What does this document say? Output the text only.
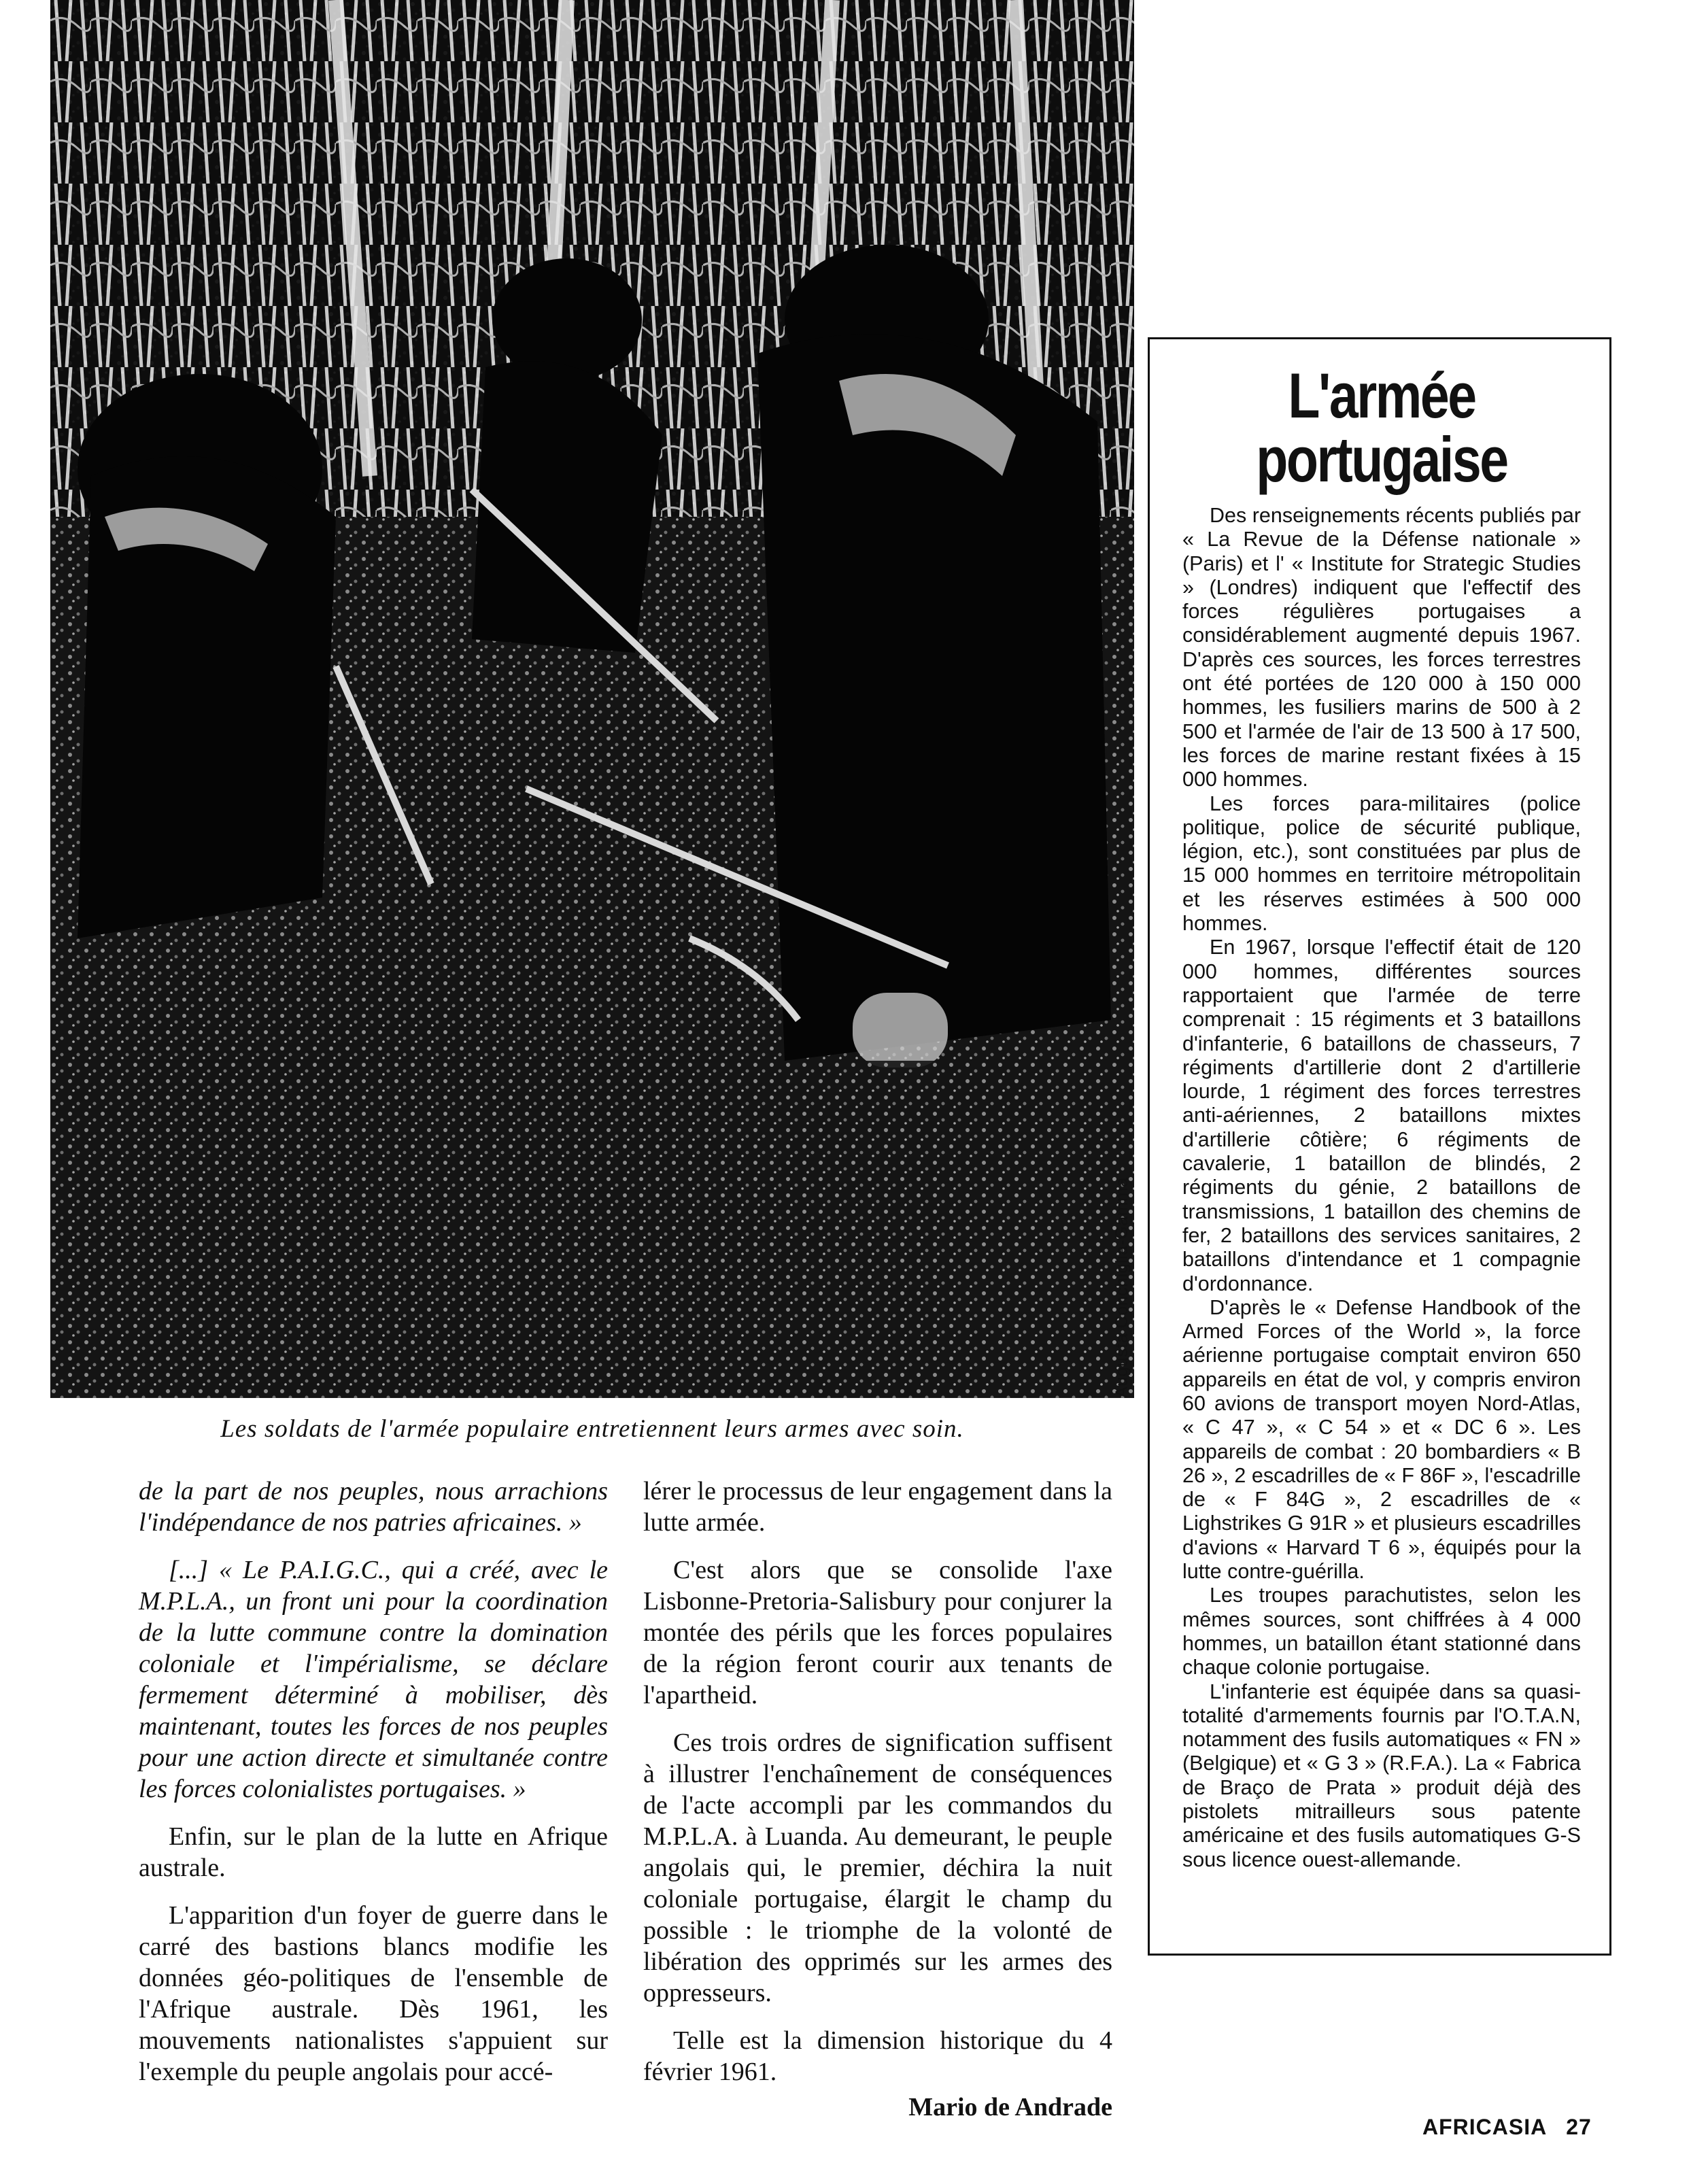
Augusta Conchiglia-Gamma
Les soldats de l'armée populaire entretiennent leurs armes avec soin.

de la part de nos peuples, nous arrachions l'indépendance de nos patries africaines. »

[...] « Le P.A.I.G.C., qui a créé, avec le M.P.L.A., un front uni pour la coordination de la lutte commune contre la domination coloniale et l'impérialisme, se déclare fermement déterminé à mobiliser, dès maintenant, toutes les forces de nos peuples pour une action directe et simultanée contre les forces colonialistes portugaises. »

Enfin, sur le plan de la lutte en Afrique australe.

L'apparition d'un foyer de guerre dans le carré des bastions blancs modifie les données géo-politiques de l'ensemble de l'Afrique australe. Dès 1961, les mouvements nationalistes s'appuient sur l'exemple du peuple angolais pour accé-

lérer le processus de leur engagement dans la lutte armée.

C'est alors que se consolide l'axe Lisbonne-Pretoria-Salisbury pour conjurer la montée des périls que les forces populaires de la région feront courir aux tenants de l'apartheid.

Ces trois ordres de signification suffisent à illustrer l'enchaînement de conséquences de l'acte accompli par les commandos du M.P.L.A. à Luanda. Au demeurant, le peuple angolais qui, le premier, déchira la nuit coloniale portugaise, élargit le champ du possible : le triomphe de la volonté de libération des opprimés sur les armes des oppresseurs.

Telle est la dimension historique du 4 février 1961.

Mario de Andrade

L'armée
portugaise

Des renseignements récents publiés par « La Revue de la Défense nationale » (Paris) et l' « Institute for Strategic Studies » (Londres) indiquent que l'effectif des forces régulières portugaises a considérablement augmenté depuis 1967. D'après ces sources, les forces terrestres ont été portées de 120 000 à 150 000 hommes, les fusiliers marins de 500 à 2 500 et l'armée de l'air de 13 500 à 17 500, les forces de marine restant fixées à 15 000 hommes.

Les forces para-militaires (police politique, police de sécurité publique, légion, etc.), sont constituées par plus de 15 000 hommes en territoire métropolitain et les réserves estimées à 500 000 hommes.

En 1967, lorsque l'effectif était de 120 000 hommes, différentes sources rapportaient que l'armée de terre comprenait : 15 régiments et 3 bataillons d'infanterie, 6 bataillons de chasseurs, 7 régiments d'artillerie dont 2 d'artillerie lourde, 1 régiment des forces terrestres anti-aériennes, 2 bataillons mixtes d'artillerie côtière; 6 régiments de cavalerie, 1 bataillon de blindés, 2 régiments du génie, 2 bataillons de transmissions, 1 bataillon des chemins de fer, 2 bataillons des services sanitaires, 2 bataillons d'intendance et 1 compagnie d'ordonnance.

D'après le « Defense Handbook of the Armed Forces of the World », la force aérienne portugaise comptait environ 650 appareils en état de vol, y compris environ 60 avions de transport moyen Nord-Atlas, « C 47 », « C 54 » et « DC 6 ». Les appareils de combat : 20 bombardiers « B 26 », 2 escadrilles de « F 86F », l'escadrille de « F 84G », 2 escadrilles de « Lighstrikes G 91R » et plusieurs escadrilles d'avions « Harvard T 6 », équipés pour la lutte contre-guérilla.

Les troupes parachutistes, selon les mêmes sources, sont chiffrées à 4 000 hommes, un bataillon étant stationné dans chaque colonie portugaise.

L'infanterie est équipée dans sa quasi-totalité d'armements fournis par l'O.T.A.N, notamment des fusils automatiques « FN » (Belgique) et « G 3 » (R.F.A.). La « Fabrica de Braço de Prata » produit déjà des pistolets mitrailleurs sous patente américaine et des fusils automatiques G-S sous licence ouest-allemande.

AFRICASIA 27
